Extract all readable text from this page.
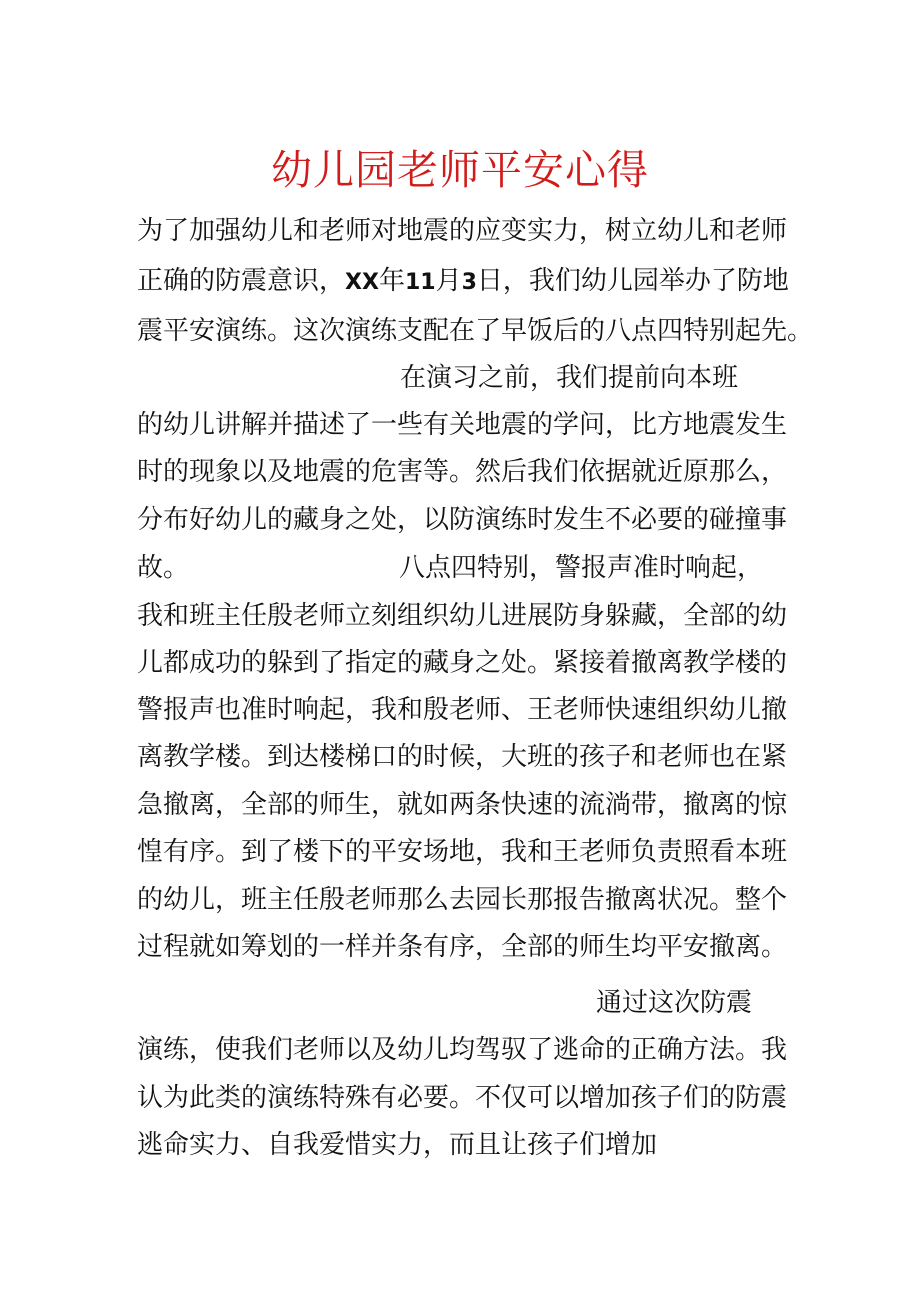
幼儿园老师平安心得

为了加强幼儿和老师对地震的应变实力，树立幼儿和老师

正确的防震意识，XX年11月3日，我们幼儿园举办了防地

震平安演练。这次演练支配在了早饭后的八点四特别起先。

在演习之前，我们提前向本班

的幼儿讲解并描述了一些有关地震的学问，比方地震发生

时的现象以及地震的危害等。然后我们依据就近原那么，

分布好幼儿的藏身之处，以防演练时发生不必要的碰撞事

故。	八点四特别，警报声准时响起，

我和班主任殷老师立刻组织幼儿进展防身躲藏，全部的幼

儿都成功的躲到了指定的藏身之处。紧接着撤离教学楼的

警报声也准时响起，我和殷老师、王老师快速组织幼儿撤

离教学楼。到达楼梯口的时候，大班的孩子和老师也在紧

急撤离，全部的师生，就如两条快速的流淌带，撤离的惊

惶有序。到了楼下的平安场地，我和王老师负责照看本班

的幼儿，班主任殷老师那么去园长那报告撤离状况。整个

过程就如筹划的一样并条有序，全部的师生均平安撤离。

通过这次防震

演练，使我们老师以及幼儿均驾驭了逃命的正确方法。我

认为此类的演练特殊有必要。不仅可以增加孩子们的防震

逃命实力、自我爱惜实力，而且让孩子们增加
